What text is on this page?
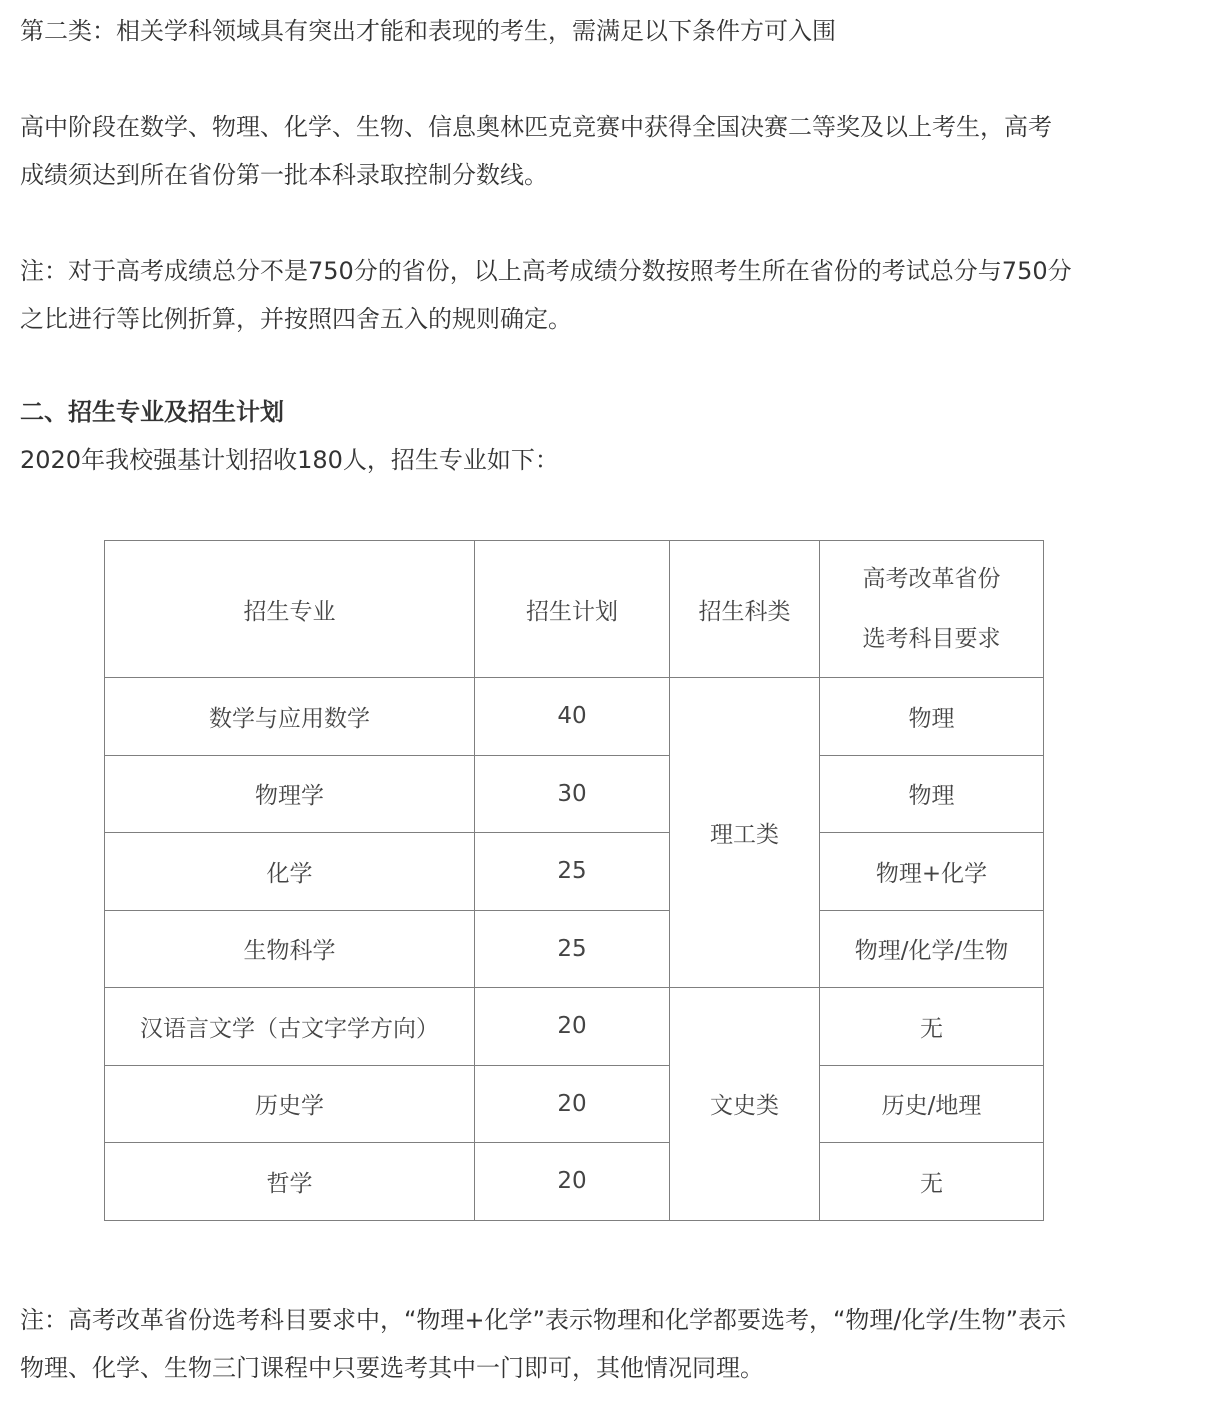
第二类：相关学科领域具有突出才能和表现的考生，需满足以下条件方可入围

高中阶段在数学、物理、化学、生物、信息奥林匹克竞赛中获得全国决赛二等奖及以上考生，高考
成绩须达到所在省份第一批本科录取控制分数线。

注：对于高考成绩总分不是750分的省份，以上高考成绩分数按照考生所在省份的考试总分与750分
之比进行等比例折算，并按照四舍五入的规则确定。

二、招生专业及招生计划

2020年我校强基计划招收180人，招生专业如下：

招生专业	招生计划	招生科类	高考改革省份
选考科目要求

数学与应用数学	40	理工类	物理
物理学	30		物理
化学	25		物理+化学
生物科学	25		物理/化学/生物
汉语言文学（古文字学方向）	20	文史类	无
历史学	20		历史/地理
哲学	20		无

注：高考改革省份选考科目要求中，“物理+化学”表示物理和化学都要选考，“物理/化学/生物”表示
物理、化学、生物三门课程中只要选考其中一门即可，其他情况同理。
